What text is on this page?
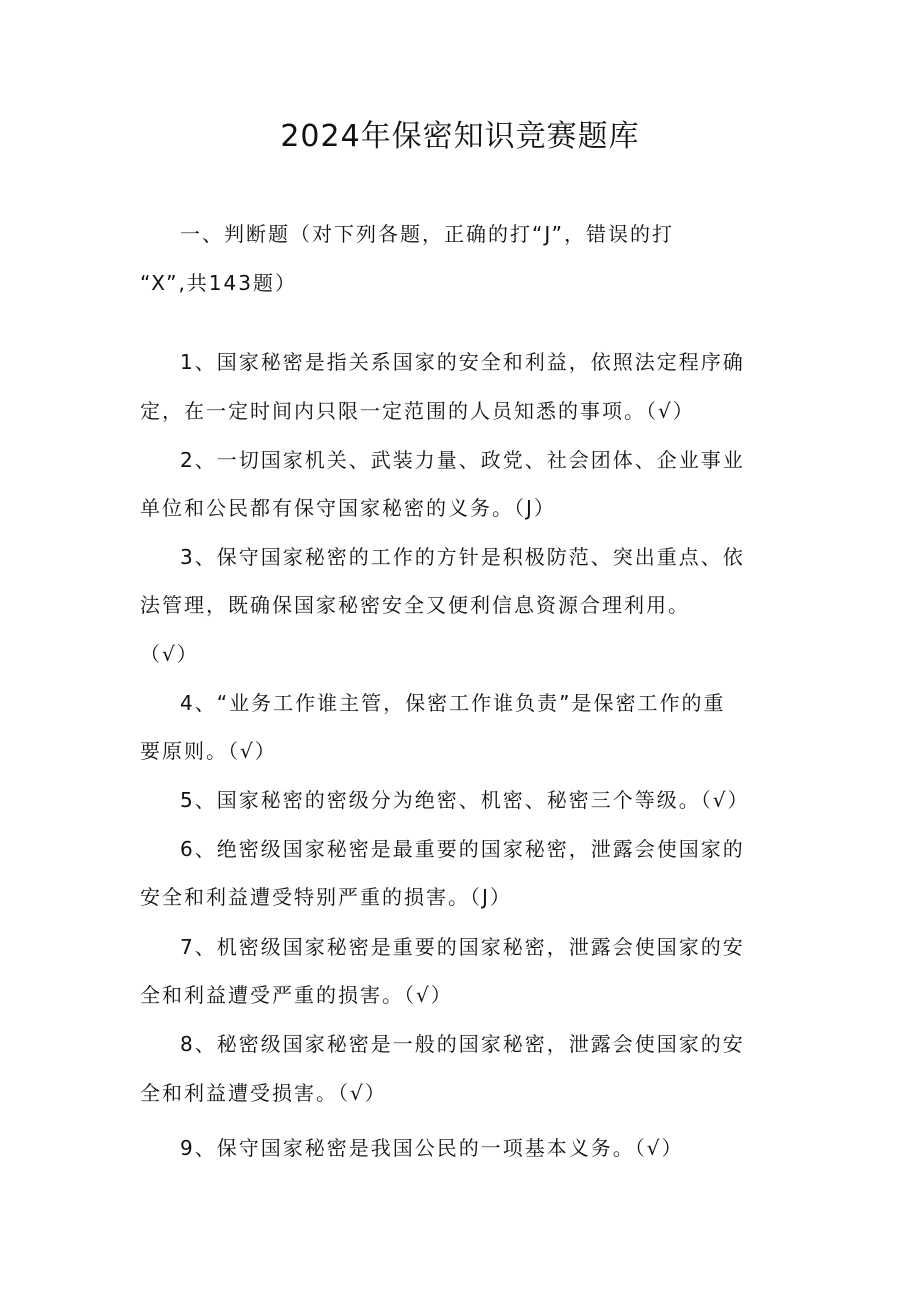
2024年保密知识竞赛题库
一、判断题（对下列各题，正确的打“J”，错误的打
“X”,共143题）
1、国家秘密是指关系国家的安全和利益，依照法定程序确
定，在一定时间内只限一定范围的人员知悉的事项。（√）
2、一切国家机关、武装力量、政党、社会团体、企业事业
单位和公民都有保守国家秘密的义务。（J）
3、保守国家秘密的工作的方针是积极防范、突出重点、依
法管理，既确保国家秘密安全又便利信息资源合理利用。
（√）
4、“业务工作谁主管，保密工作谁负责”是保密工作的重
要原则。（√）
5、国家秘密的密级分为绝密、机密、秘密三个等级。（√）
6、绝密级国家秘密是最重要的国家秘密，泄露会使国家的
安全和利益遭受特别严重的损害。（J）
7、机密级国家秘密是重要的国家秘密，泄露会使国家的安
全和利益遭受严重的损害。（√）
8、秘密级国家秘密是一般的国家秘密，泄露会使国家的安
全和利益遭受损害。（√）
9、保守国家秘密是我国公民的一项基本义务。（√）
